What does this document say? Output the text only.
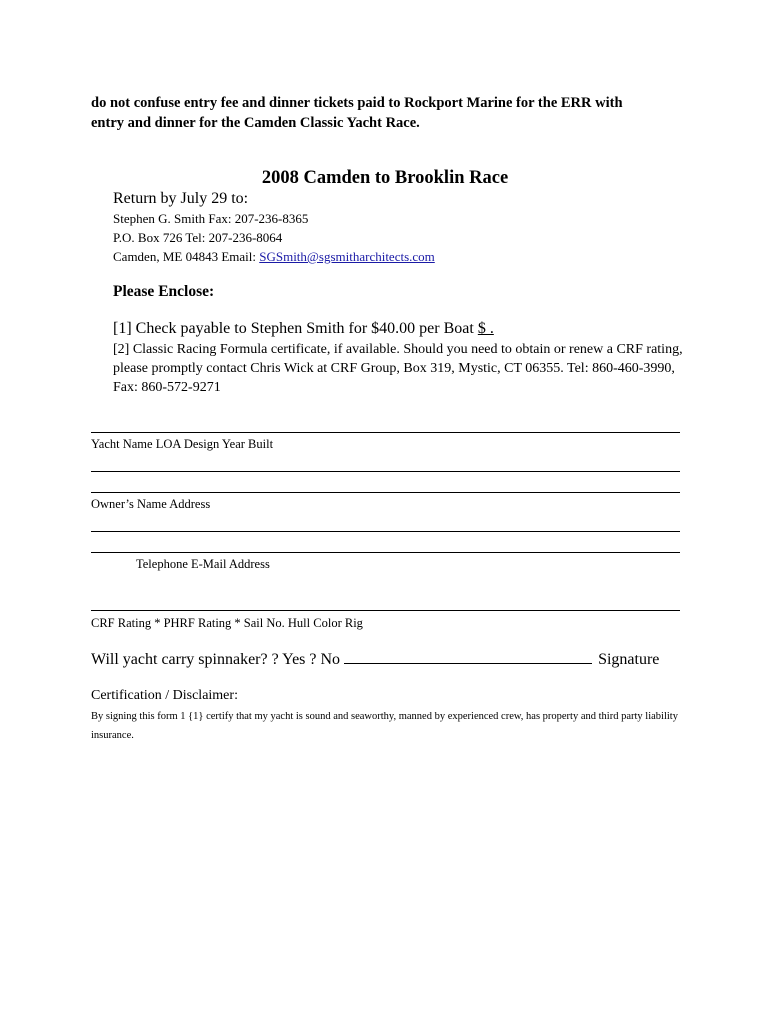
do not confuse entry fee and dinner tickets paid to Rockport Marine for the ERR with
entry and dinner for the Camden Classic Yacht Race.
2008 Camden to Brooklin Race
Return by July 29 to:
Stephen G. Smith Fax: 207-236-8365
P.O. Box 726 Tel: 207-236-8064
Camden, ME 04843 Email: SGSmith@sgsmitharchitects.com
Please Enclose:
[1] Check payable to Stephen Smith for $40.00 per Boat $ .
[2] Classic Racing Formula certificate, if available. Should you need to obtain or renew a CRF rating, please promptly contact Chris Wick at CRF Group, Box 319, Mystic, CT 06355. Tel: 860-460-3990, Fax: 860-572-9271
Yacht Name LOA Design Year Built
Owner’s Name Address
Telephone E-Mail Address
CRF Rating * PHRF Rating * Sail No. Hull Color Rig
Will yacht carry spinnaker? ? Yes ? No	Signature
Certification / Disclaimer:
By signing this form 1 {1} certify that my yacht is sound and seaworthy, manned by experienced crew, has property and third party liability insurance.
